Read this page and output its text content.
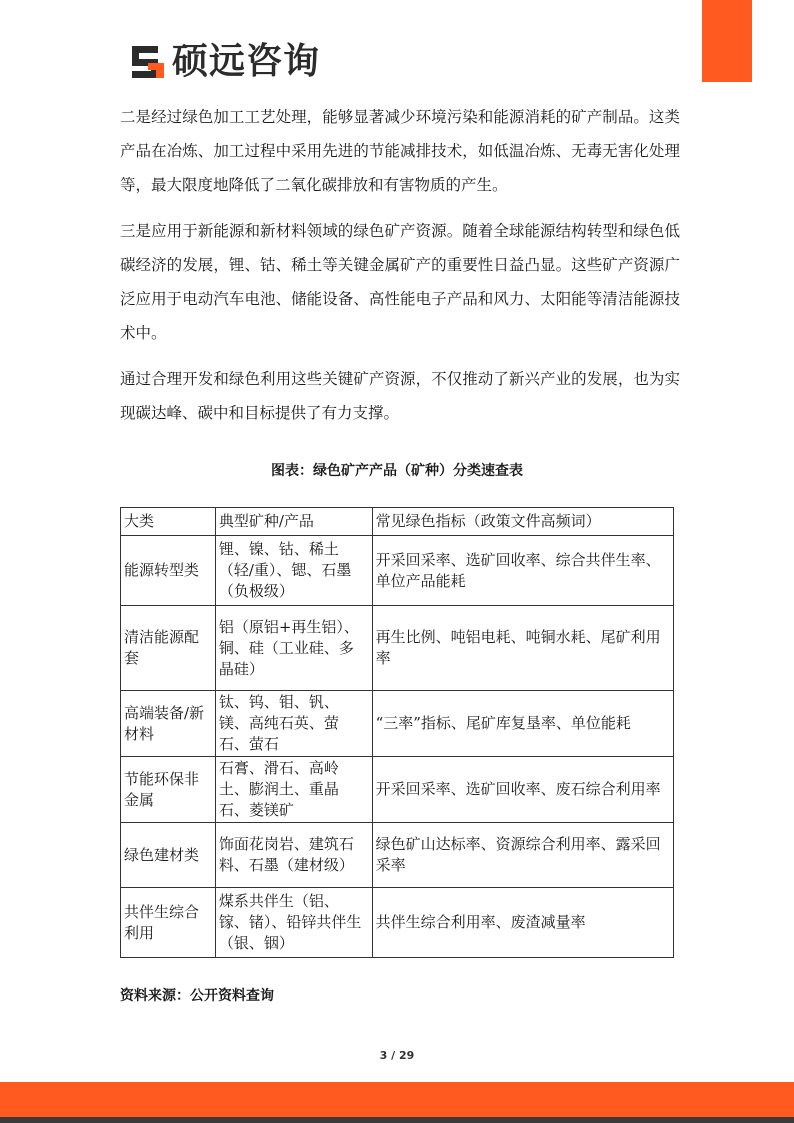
硕远咨询

二是经过绿色加工工艺处理，能够显著减少环境污染和能源消耗的矿产制品。这类产品在冶炼、加工过程中采用先进的节能减排技术，如低温冶炼、无毒无害化处理等，最大限度地降低了二氧化碳排放和有害物质的产生。

三是应用于新能源和新材料领域的绿色矿产资源。随着全球能源结构转型和绿色低碳经济的发展，锂、钴、稀土等关键金属矿产的重要性日益凸显。这些矿产资源广泛应用于电动汽车电池、储能设备、高性能电子产品和风力、太阳能等清洁能源技术中。

通过合理开发和绿色利用这些关键矿产资源，不仅推动了新兴产业的发展，也为实现碳达峰、碳中和目标提供了有力支撑。

图表：绿色矿产产品（矿种）分类速查表
大类	典型矿种/产品	常见绿色指标（政策文件高频词）
能源转型类	锂、镍、钴、稀土（轻/重）、锶、石墨（负极级）	开采回采率、选矿回收率、综合共伴生率、单位产品能耗
清洁能源配套	铝（原铝+再生铝）、铜、硅（工业硅、多晶硅）	再生比例、吨铝电耗、吨铜水耗、尾矿利用率
高端装备/新材料	钛、钨、钼、钒、镁、高纯石英、萤石、萤石	“三率”指标、尾矿库复垦率、单位能耗
节能环保非金属	石膏、滑石、高岭土、膨润土、重晶石、菱镁矿	开采回采率、选矿回收率、废石综合利用率
绿色建材类	饰面花岗岩、建筑石料、石墨（建材级）	绿色矿山达标率、资源综合利用率、露采回采率
共伴生综合利用	煤系共伴生（铝、镓、锗）、铅锌共伴生（银、铟）	共伴生综合利用率、废渣减量率
资料来源：公开资料查询
3 / 29
